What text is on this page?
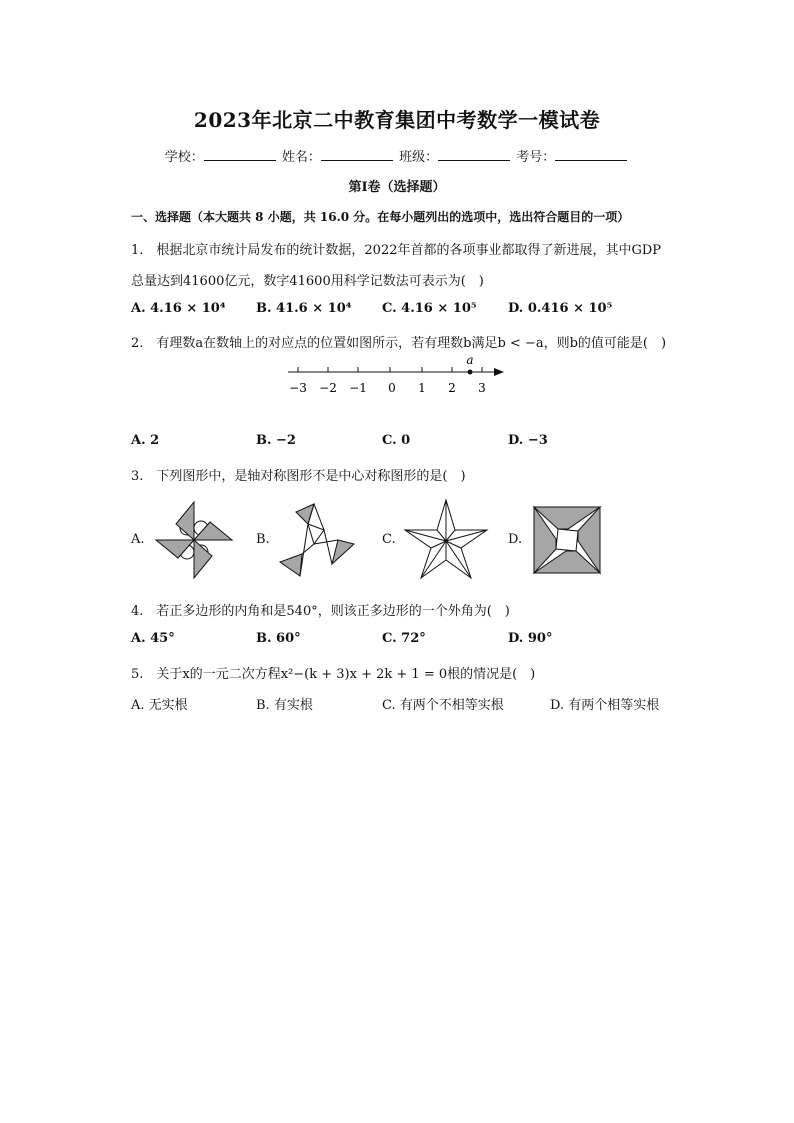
2023年北京二中教育集团中考数学一模试卷
学校：	姓名：	班级：	考号：
第Ⅰ卷（选择题）
一、选择题（本大题共 8 小题，共 16.0 分。在每小题列出的选项中，选出符合题目的一项）
1.　根据北京市统计局发布的统计数据，2022年首都的各项事业都取得了新进展，其中GDP
总量达到41600亿元，数字41600用科学记数法可表示为(　)
A. 4.16 × 10⁴ B. 41.6 × 10⁴ C. 4.16 × 10⁵ D. 0.416 × 10⁵
2.　有理数a在数轴上的对应点的位置如图所示，若有理数b满足b < −a，则b的值可能是(　)
a
−3 −2 −1 0 1 2 3
A. 2	B. −2	C. 0	D. −3
3.　下列图形中，是轴对称图形不是中心对称图形的是(　)
A.	B.	C.	D.
4.　若正多边形的内角和是540°，则该正多边形的一个外角为(　)
A. 45°	B. 60°	C. 72°	D. 90°
5.　关于x的一元二次方程x²−(k + 3)x + 2k + 1 = 0根的情况是(　)
A. 无实根	B. 有实根	C. 有两个不相等实根	D. 有两个相等实根
